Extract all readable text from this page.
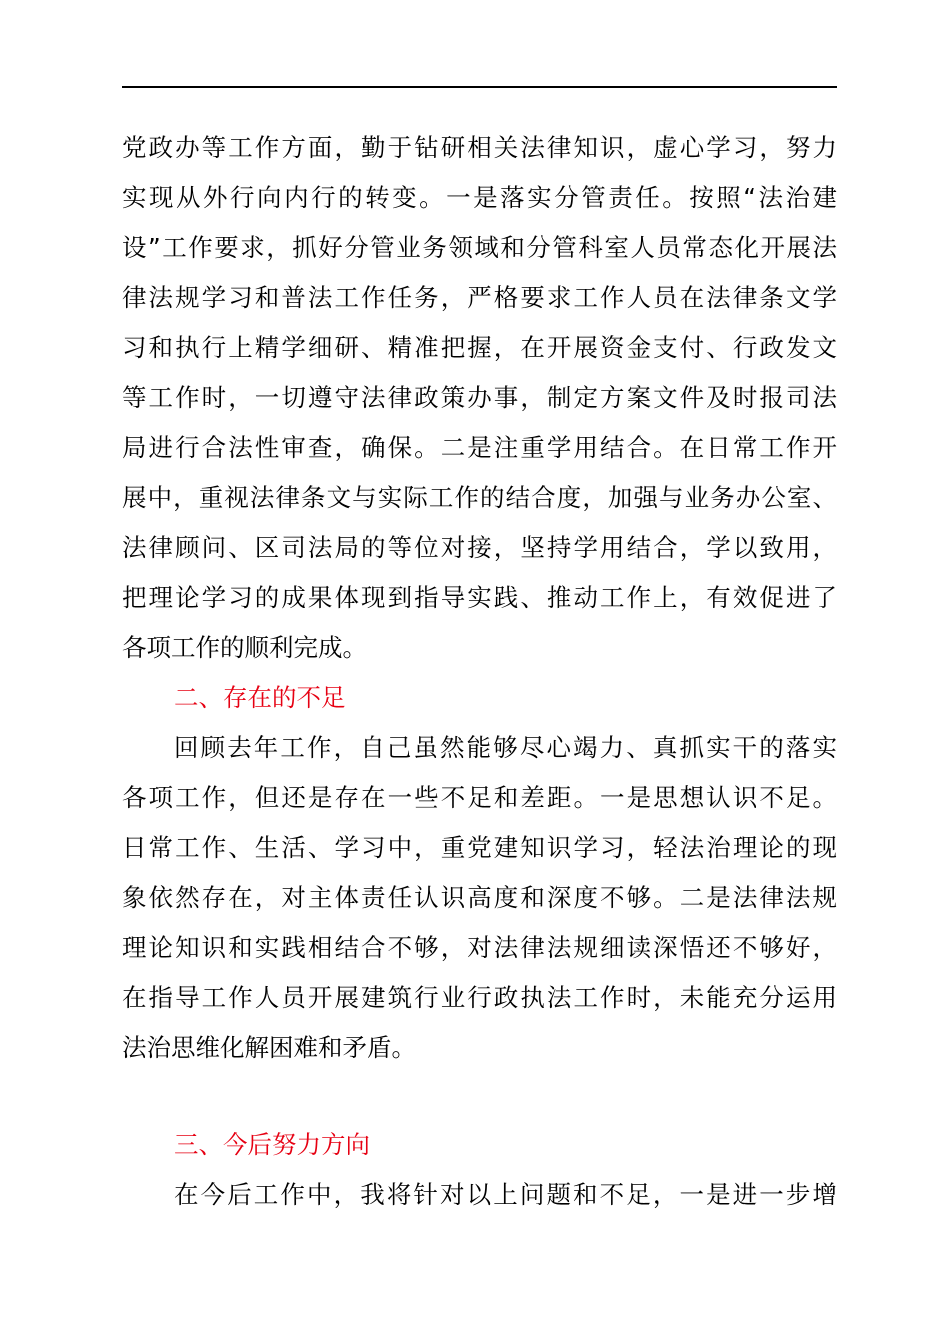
党政办等工作方面，勤于钻研相关法律知识，虚心学习，努力
实现从外行向内行的转变。一是落实分管责任。按照“法治建
设”工作要求，抓好分管业务领域和分管科室人员常态化开展法
律法规学习和普法工作任务，严格要求工作人员在法律条文学
习和执行上精学细研、精准把握，在开展资金支付、行政发文
等工作时，一切遵守法律政策办事，制定方案文件及时报司法
局进行合法性审查，确保。二是注重学用结合。在日常工作开
展中，重视法律条文与实际工作的结合度，加强与业务办公室、
法律顾问、区司法局的等位对接，坚持学用结合，学以致用，
把理论学习的成果体现到指导实践、推动工作上，有效促进了
各项工作的顺利完成。
二、存在的不足
回顾去年工作，自己虽然能够尽心竭力、真抓实干的落实
各项工作，但还是存在一些不足和差距。一是思想认识不足。
日常工作、生活、学习中，重党建知识学习，轻法治理论的现
象依然存在，对主体责任认识高度和深度不够。二是法律法规
理论知识和实践相结合不够，对法律法规细读深悟还不够好，
在指导工作人员开展建筑行业行政执法工作时，未能充分运用
法治思维化解困难和矛盾。
三、今后努力方向
在今后工作中，我将针对以上问题和不足，一是进一步增
